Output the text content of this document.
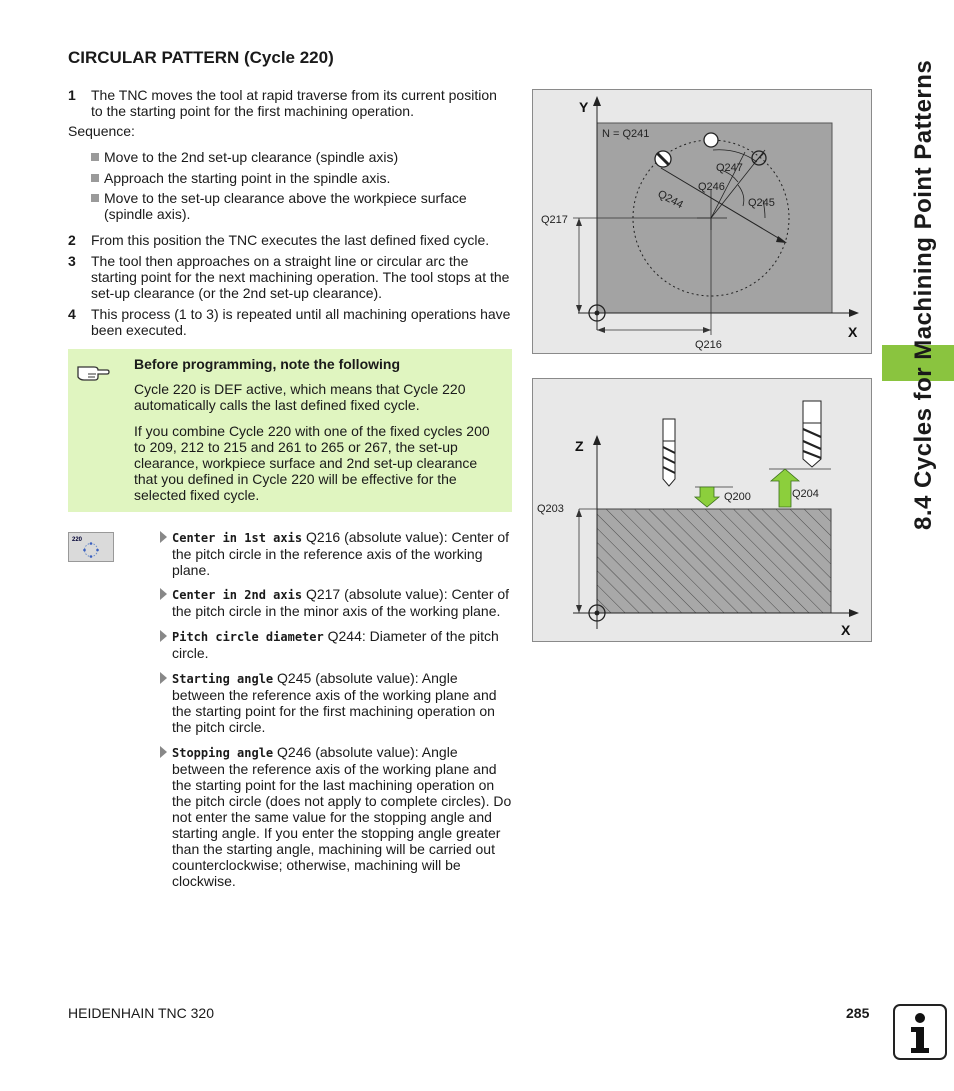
CIRCULAR PATTERN (Cycle 220)
1 The TNC moves the tool at rapid traverse from its current position to the starting point for the first machining operation.
Sequence:
Move to the 2nd set-up clearance (spindle axis)
Approach the starting point in the spindle axis.
Move to the set-up clearance above the workpiece surface (spindle axis).
2 From this position the TNC executes the last defined fixed cycle.
3 The tool then approaches on a straight line or circular arc the starting point for the next machining operation. The tool stops at the set-up clearance (or the 2nd set-up clearance).
4 This process (1 to 3) is repeated until all machining operations have been executed.
Before programming, note the following
Cycle 220 is DEF active, which means that Cycle 220 automatically calls the last defined fixed cycle.
If you combine Cycle 220 with one of the fixed cycles 200 to 209, 212 to 215 and 261 to 265 or 267, the set-up clearance, workpiece surface and 2nd set-up clearance that you defined in Cycle 220 will be effective for the selected fixed cycle.
220	Center in 1st axis Q216 (absolute value): Center of the pitch circle in the reference axis of the working plane.
Center in 2nd axis Q217 (absolute value): Center of the pitch circle in the minor axis of the working plane.
Pitch circle diameter Q244: Diameter of the pitch circle.
Starting angle Q245 (absolute value): Angle between the reference axis of the working plane and the starting point for the first machining operation on the pitch circle.
Stopping angle Q246 (absolute value): Angle between the reference axis of the working plane and the starting point for the last machining operation on the pitch circle (does not apply to complete circles). Do not enter the same value for the stopping angle and starting angle. If you enter the stopping angle greater than the starting angle, machining will be carried out counterclockwise; otherwise, machining will be clockwise.
Y
X
N = Q241
Q247
Q246
Q244	Q245
Q217
Q216
Z
X
Q203
Q200	Q204	8.4 Cycles for Machining Point Patterns
HEIDENHAIN TNC 320	285
